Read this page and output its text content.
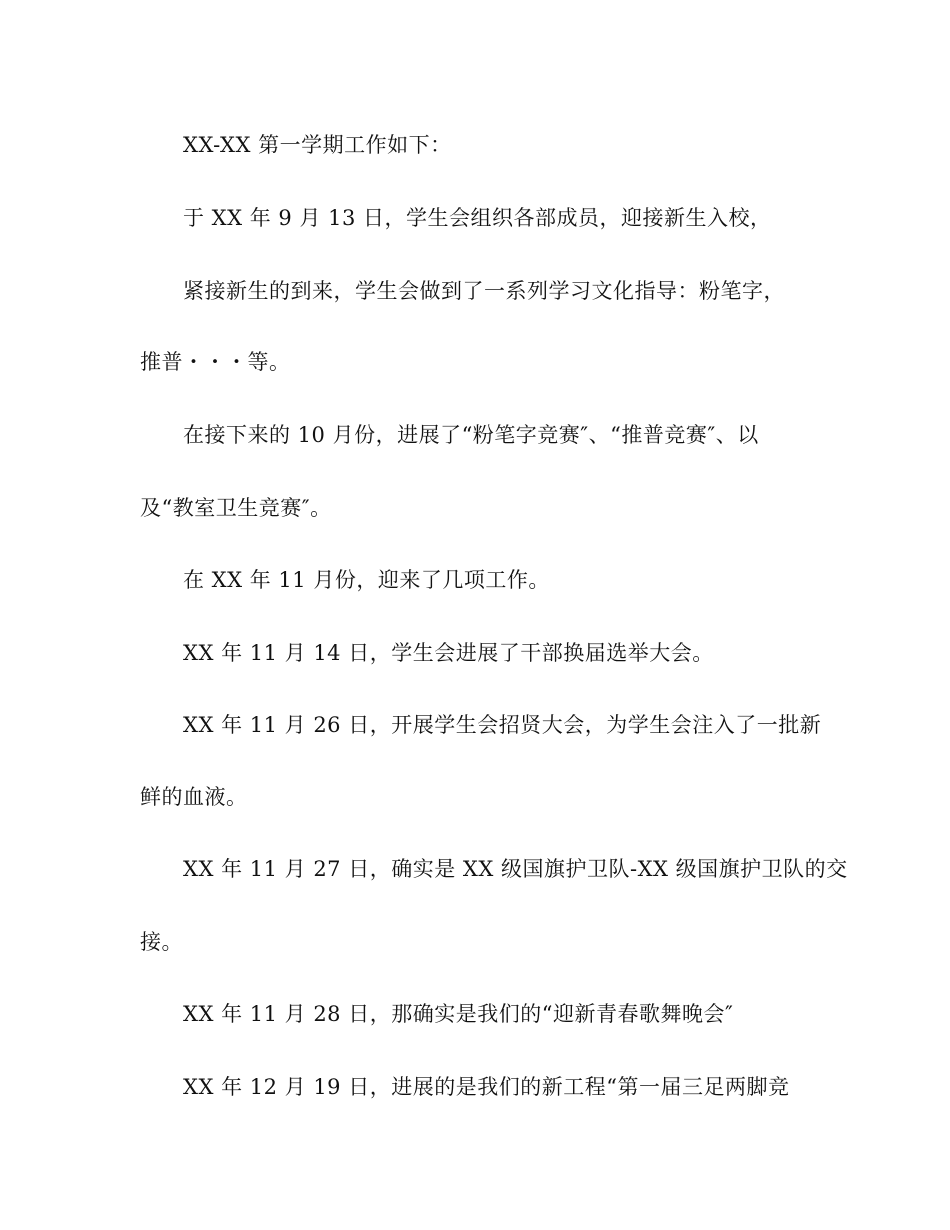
XX-XX 第一学期工作如下：
于 XX 年 9 月 13 日，学生会组织各部成员，迎接新生入校，
紧接新生的到来，学生会做到了一系列学习文化指导：粉笔字，
推普・・・等。
在接下来的 10 月份，进展了“粉笔字竞赛″、“推普竞赛″、以
及“教室卫生竞赛″。
在 XX 年 11 月份，迎来了几项工作。
XX 年 11 月 14 日，学生会进展了干部换届选举大会。
XX 年 11 月 26 日，开展学生会招贤大会，为学生会注入了一批新
鲜的血液。
XX 年 11 月 27 日，确实是 XX 级国旗护卫队-XX 级国旗护卫队的交
接。
XX 年 11 月 28 日，那确实是我们的“迎新青春歌舞晚会″
XX 年 12 月 19 日，进展的是我们的新工程“第一届三足两脚竞
